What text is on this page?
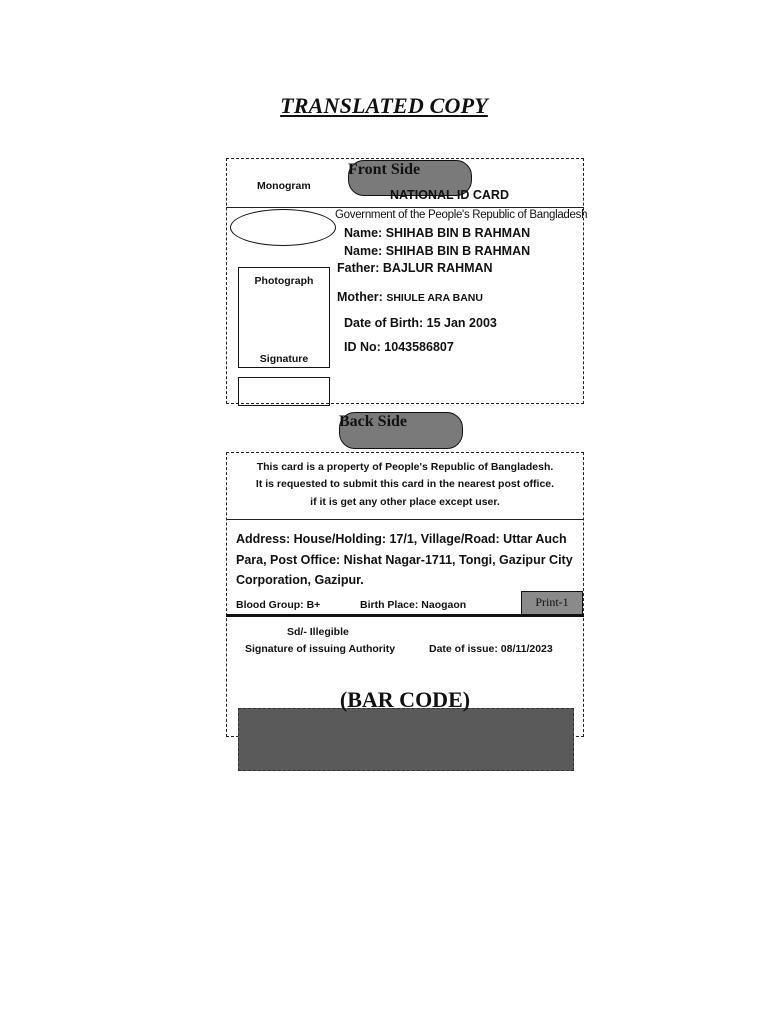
TRANSLATED COPY
Front Side
Monogram
NATIONAL ID CARD
Government of the People's Republic of Bangladesh
Name: SHIHAB BIN B RAHMAN
Name: SHIHAB BIN B RAHMAN
Father: BAJLUR RAHMAN
Photograph
Signature
Mother: SHIULE ARA BANU
Date of Birth: 15 Jan 2003
ID No: 1043586807
Back Side
This card is a property of People's Republic of Bangladesh.
It is requested to submit this card in the nearest post office.
if it is get any other place except user.
Address: House/Holding: 17/1, Village/Road: Uttar Auch Para, Post Office: Nishat Nagar-1711, Tongi, Gazipur City Corporation, Gazipur.
Blood Group: B+	Birth Place: Naogaon	Print-1
Sd/- Illegible
Signature of issuing Authority	Date of issue: 08/11/2023
(BAR CODE)
